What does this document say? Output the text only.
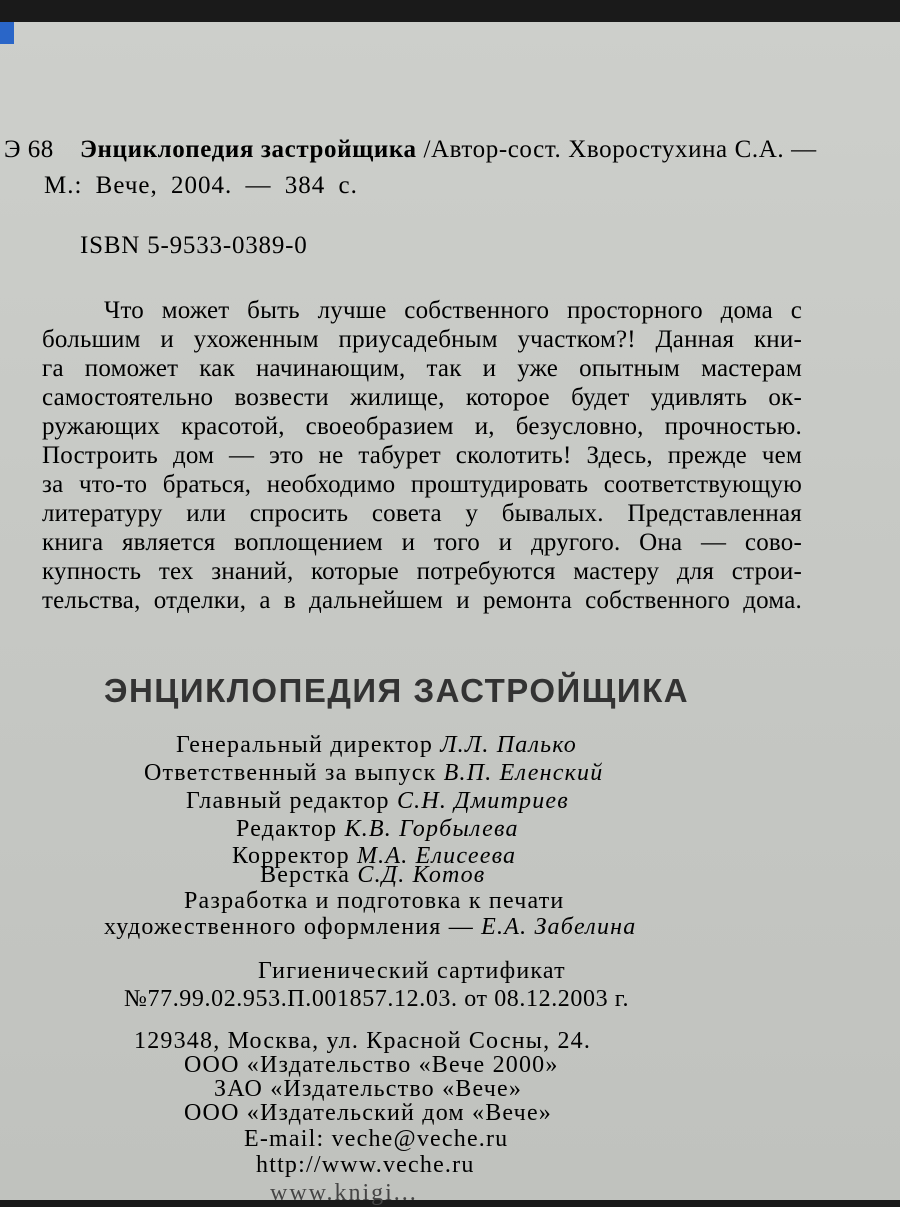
Э 68 Энциклопедия застройщика /Автор-сост. Хворостухина С.А. —
М.: Вече, 2004. — 384 с.
ISBN 5-9533-0389-0
Что может быть лучше собственного просторного дома с
большим и ухоженным приусадебным участком?! Данная кни-
га поможет как начинающим, так и уже опытным мастерам
самостоятельно возвести жилище, которое будет удивлять ок-
ружающих красотой, своеобразием и, безусловно, прочностью.
Построить дом — это не табурет сколотить! Здесь, прежде чем
за что-то браться, необходимо проштудировать соответствующую
литературу или спросить совета у бывалых. Представленная
книга является воплощением и того и другого. Она — сово-
купность тех знаний, которые потребуются мастеру для строи-
тельства, отделки, а в дальнейшем и ремонта собственного дома.
ЭНЦИКЛОПЕДИЯ ЗАСТРОЙЩИКА
Генеральный директор Л.Л. Палько
Ответственный за выпуск В.П. Еленский
Главный редактор С.Н. Дмитриев
Редактор К.В. Горбылева
Корректор М.А. Елисеева
Верстка С.Д. Котов
Разработка и подготовка к печати
художественного оформления — Е.А. Забелина
Гигиенический сартификат
№77.99.02.953.П.001857.12.03. от 08.12.2003 г.
129348, Москва, ул. Красной Сосны, 24.
ООО «Издательство «Вече 2000»
ЗАО «Издательство «Вече»
ООО «Издательский дом «Вече»
E-mail: veche@veche.ru
http://www.veche.ru
www.knigi...
